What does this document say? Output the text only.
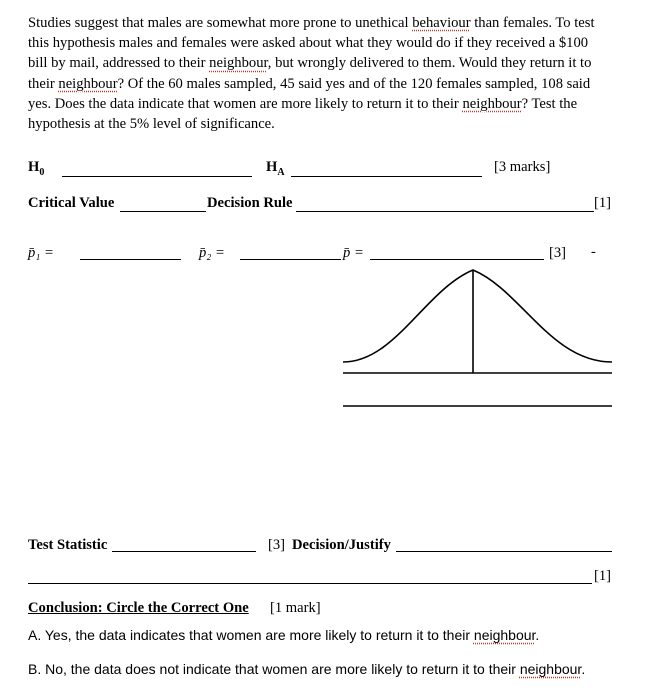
Studies suggest that males are somewhat more prone to unethical behaviour than females. To test this hypothesis males and females were asked about what they would do if they received a $100 bill by mail, addressed to their neighbour, but wrongly delivered to them. Would they return it to their neighbour? Of the 60 males sampled, 45 said yes and of the 120 females sampled, 108 said yes. Does the data indicate that women are more likely to return it to their neighbour? Test the hypothesis at the 5% level of significance.
$H_0$	$H_A$	[3 marks]
Critical Value	Decision Rule	[1]
p̄₁ =	p̄₂ =	p̄ =	[3] -
Test Statistic	[3] Decision/Justify
[1]
Conclusion: Circle the Correct One [1 mark]
A. Yes, the data indicates that women are more likely to return it to their neighbour.
B. No, the data does not indicate that women are more likely to return it to their neighbour.
